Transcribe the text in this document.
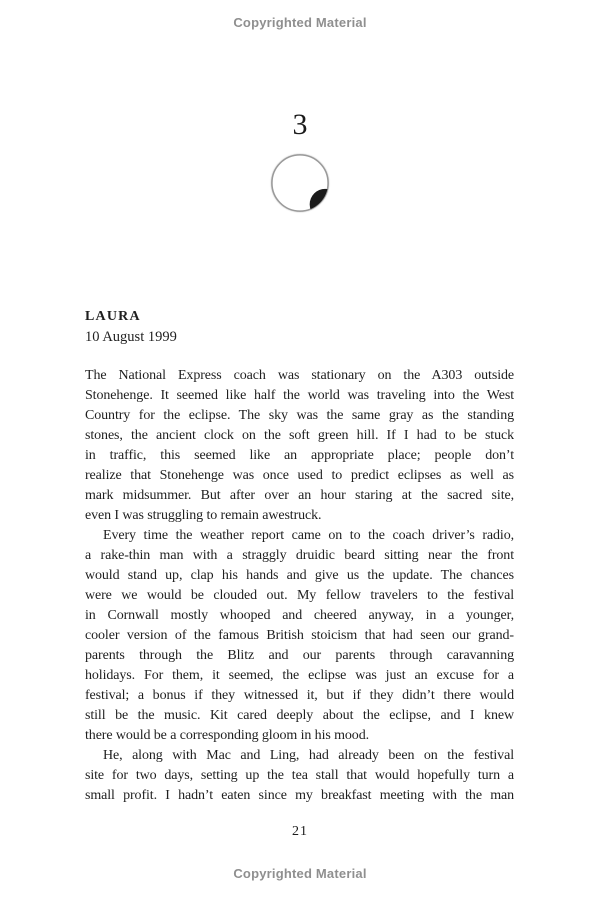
Copyrighted Material
3
LAURA
10 August 1999
The National Express coach was stationary on the A303 outside
Stonehenge. It seemed like half the world was traveling into the West
Country for the eclipse. The sky was the same gray as the standing
stones, the ancient clock on the soft green hill. If I had to be stuck
in traffic, this seemed like an appropriate place; people don’t
realize that Stonehenge was once used to predict eclipses as well as
mark midsummer. But after over an hour staring at the sacred site,
even I was struggling to remain awestruck.
Every time the weather report came on to the coach driver’s radio,
a rake-thin man with a straggly druidic beard sitting near the front
would stand up, clap his hands and give us the update. The chances
were we would be clouded out. My fellow travelers to the festival
in Cornwall mostly whooped and cheered anyway, in a younger,
cooler version of the famous British stoicism that had seen our grand-
parents through the Blitz and our parents through caravanning
holidays. For them, it seemed, the eclipse was just an excuse for a
festival; a bonus if they witnessed it, but if they didn’t there would
still be the music. Kit cared deeply about the eclipse, and I knew
there would be a corresponding gloom in his mood.
He, along with Mac and Ling, had already been on the festival
site for two days, setting up the tea stall that would hopefully turn a
small profit. I hadn’t eaten since my breakfast meeting with the man
21
Copyrighted Material
